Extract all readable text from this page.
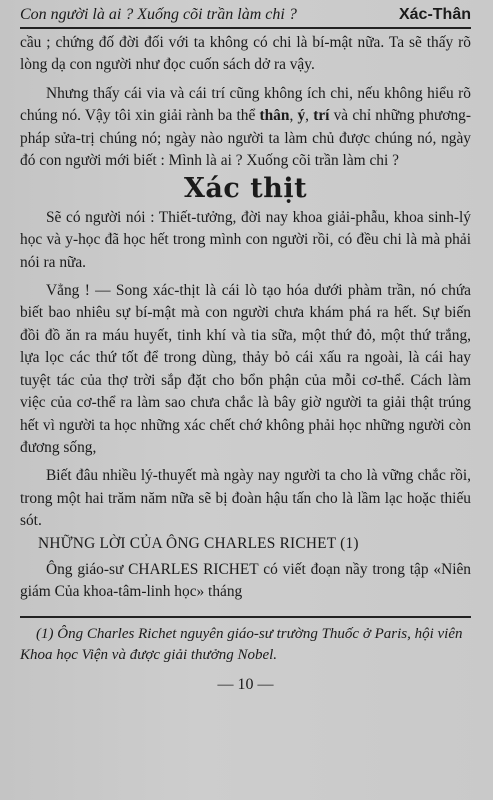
Con người là ai ? Xuống cõi trần làm chi ?	Xác-Thân

cầu ; chứng đố đời đối với ta không có chi là bí-mật nữa. Ta sẽ thấy rõ lòng dạ con người như đọc cuốn sách dở ra vậy.

Nhưng thấy cái via và cái trí cũng không ích chi, nếu không hiểu rõ chúng nó. Vậy tôi xin giải rành ba thể thân, ý, trí và chỉ những phương-pháp sửa-trị chúng nó; ngày nào người ta làm chủ được chúng nó, ngày đó con người mới biết : Mình là ai ? Xuống cõi trần làm chi ?

Xác thịt

Sẽ có người nói : Thiết-tưởng, đời nay khoa giải-phẫu, khoa sinh-lý học và y-học đã học hết trong mình con người rồi, có đều chi là mà phải nói ra nữa.

Vẳng ! — Song xác-thịt là cái lò tạo hóa dưới phàm trần, nó chứa biết bao nhiêu sự bí-mật mà con người chưa khám phá ra hết. Sự biến đồi đồ ăn ra máu huyết, tinh khí và tia sữa, một thứ đỏ, một thứ trắng, lựa lọc các thứ tốt để trong dùng, thảy bỏ cái xấu ra ngoài, là cái hay tuyệt tác của thợ trời sắp đặt cho bổn phận của mỗi cơ-thể. Cách làm việc của cơ-thể ra làm sao chưa chắc là bây giờ người ta giải thật trúng hết vì người ta học những xác chết chớ không phải học những người còn đương sống,

Biết đâu nhiều lý-thuyết mà ngày nay người ta cho là vững chắc rồi, trong một hai trăm năm nữa sẽ bị đoàn hậu tấn cho là lầm lạc hoặc thiếu sót.

NHỮNG LỜI CỦA ÔNG CHARLES RICHET (1)

Ông giáo-sư CHARLES RICHET có viết đoạn nầy trong tập «Niên giám Của khoa-tâm-linh học» tháng

(1) Ông Charles Richet nguyên giáo-sư trường Thuốc ở Paris, hội viên Khoa học Viện và được giải thưởng Nobel.

— 10 —
